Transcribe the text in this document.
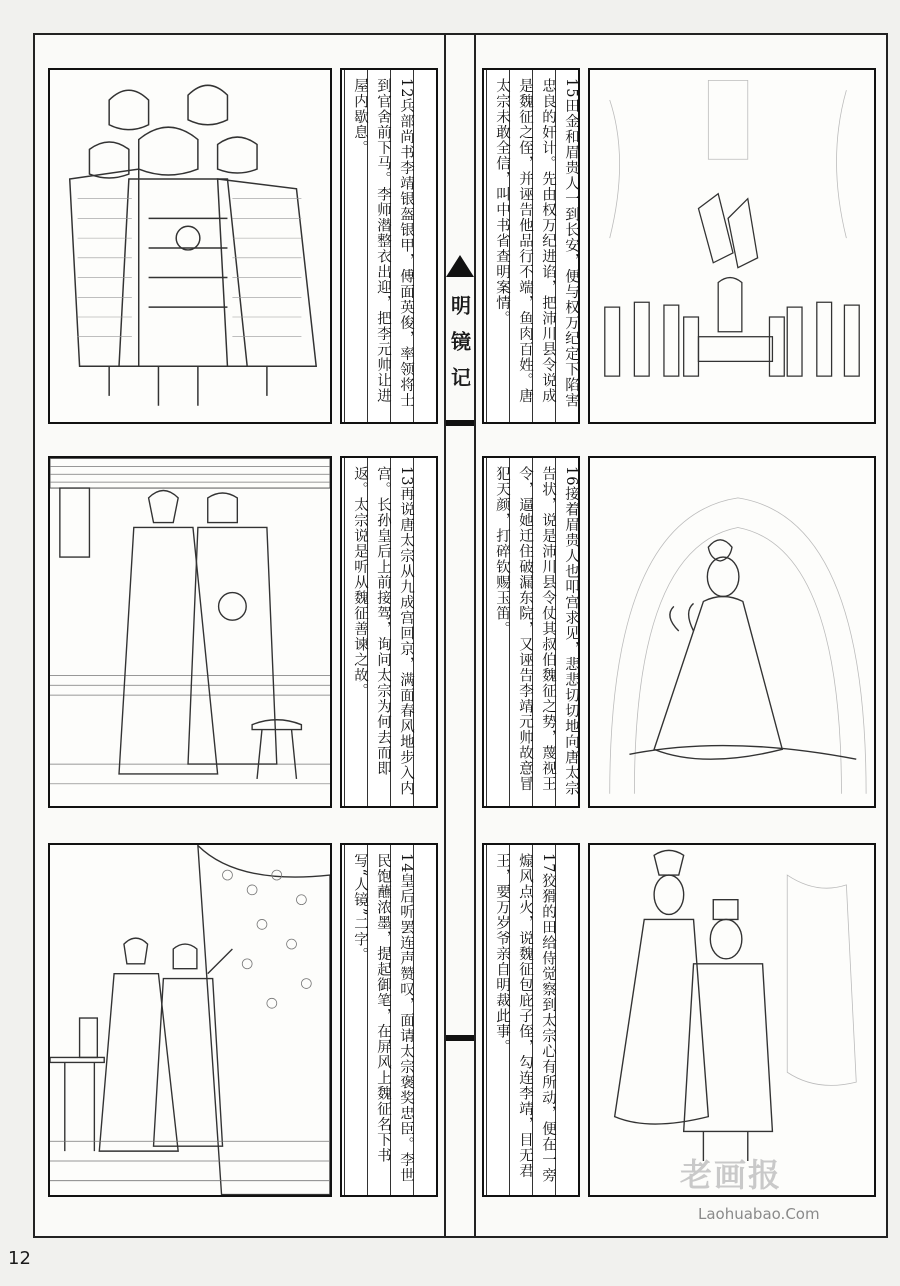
明镜记
12兵部尚书李靖银盔银甲，傅面英俊，率领将士到官舍前下马。李师潜整衣出迎，把李元帅让进屋内歇息。
13再说唐太宗从九成宫回京，满面春风地步入内宫。长孙皇后上前接驾，询问太宗为何去而即返。太宗说是听从魏征善谏之故。
14皇后听罢连声赞叹，面请太宗褒奖忠臣。李世民饱蘸浓墨，提起御笔，在屏风上魏征名下书写“人镜”二字。
15田金和眉贵人一到长安，便与权万纪定下陷害忠良的奸计。先由权万纪进谄，把沛川县令说成是魏征之侄，并诬告他品行不端，鱼肉百姓。唐太宗未敢全信，叫中书省查明案情。
16接着眉贵人也叩宫求见，悲悲切切地向唐太宗告状，说是沛川县令仗其叔伯魏征之势，蔑视王令，逼她迁住破漏东院，又诬告李靖元帅故意冒犯天颜，打碎钦赐玉笛。
17狡猾的田给侍觉察到太宗心有所动，便在一旁煽风点火，说魏征包庇子侄，勾连李靖，目无君王，要万岁爷亲自明裁此事。
12
老画报
Laohuabao.Com
